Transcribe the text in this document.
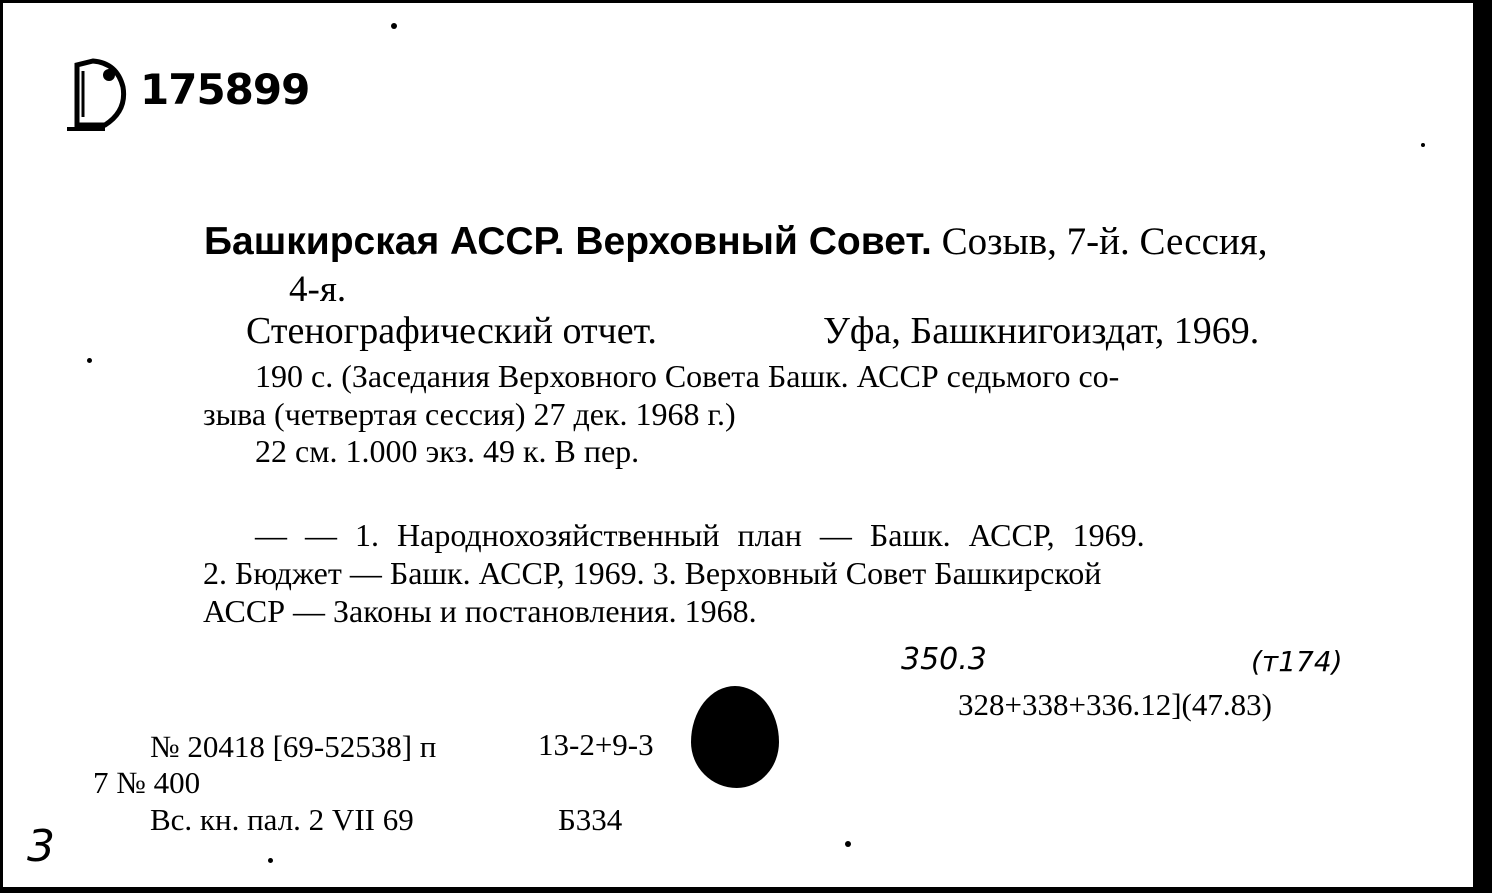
175899
Башкирская АССР. Верховный Совет. Созыв, 7-й. Сессия,
4-я.
Стенографический отчет.	Уфа, Башкнигоиздат, 1969.
190 с. (Заседания Верховного Совета Башк. АССР седьмого со-
зыва (четвертая сессия) 27 дек. 1968 г.)
22 см. 1.000 экз. 49 к. В пер.
— — 1. Народнохозяйственный план — Башк. АССР, 1969.
2. Бюджет — Башк. АССР, 1969. 3. Верховный Совет Башкирской
АССР — Законы и постановления. 1968.
350.3	(т174)
328+338+336.12](47.83)
№ 20418 [69-52538] п	13-2+9-3
7 № 400
Вс. кн. пал. 2 VII 69	Б334
3
